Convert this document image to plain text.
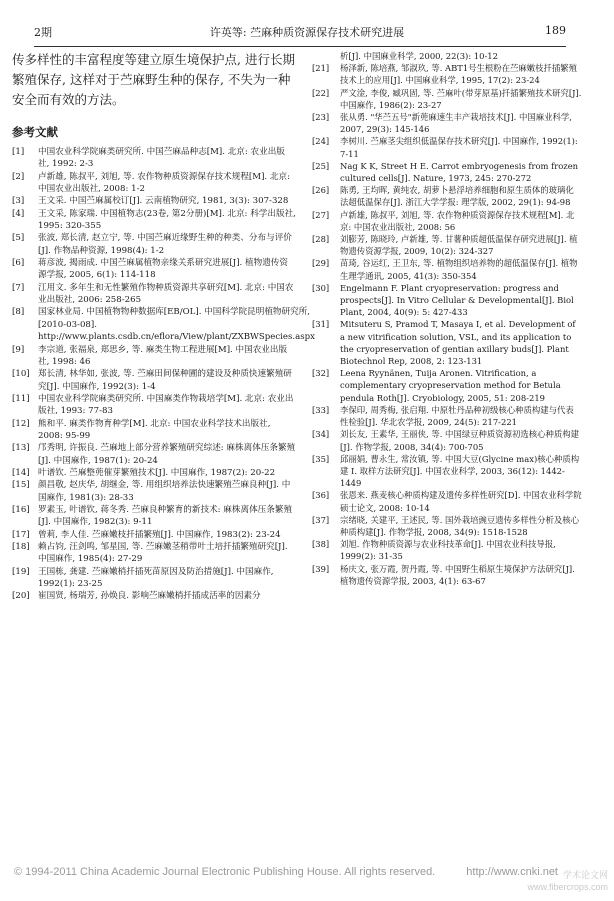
2期	许英等: 苎麻种质资源保存技术研究进展	189

传多样性的丰富程度等建立原生境保护点, 进行长期繁殖保存, 这样对于苎麻野生种的保存, 不失为一种安全而有效的方法。

参考文献
[1]	中国农业科学院麻类研究所. 中国苎麻品种志[M]. 北京: 农业出版社, 1992: 2-3
[2]	卢新雄, 陈叔平, 刘旭, 等. 农作物种质资源保存技术规程[M]. 北京: 中国农业出版社, 2008: 1-2
[3]	王文采. 中国苎麻属校订[J]. 云南植物研究, 1981, 3(3): 307-328
[4]	王文采, 陈家瑞. 中国植物志(23卷, 第2分册)[M]. 北京: 科学出版社, 1995: 320-355
[5]	张波, 郑长清, 赵立宁, 等. 中国苎麻近缘野生种的种类、分布与评价[J]. 作物品种资源, 1998(4): 1-2
[6]	蒋彦波, 揭雨成. 中国苎麻属植物亲缘关系研究进展[J]. 植物遗传资源学报, 2005, 6(1): 114-118
[7]	江用文. 多年生和无性繁殖作物种质资源共享研究[M]. 北京: 中国农业出版社, 2006: 258-265
[8]	国家林业局. 中国植物物种数据库[EB/OL]. 中国科学院昆明植物研究所, [2010-03-08]. http://www.plants.csdb.cn/eflora/View/plant/ZXBWSpecies.aspx
[9]	李宗道, 张福泉, 郑思乡, 等. 麻类生物工程进展[M]. 中国农业出版社, 1998: 46
[10] 郑长清, 林华如, 张波, 等. 苎麻田间保种圃的建设及种质快速繁殖研究[J]. 中国麻作, 1992(3): 1-4
[11] 中国农业科学院麻类研究所. 中国麻类作物栽培学[M]. 北京: 农业出版社, 1993: 77-83
[12] 熊和平. 麻类作物育种学[M]. 北京: 中国农业科学技术出版社, 2008: 95-99
[13] 邝秀明, 许振良. 苎麻地上部分营养繁殖研究综述: 麻株离体压条繁殖[J]. 中国麻作, 1987(1): 20-24
[14] 叶谱钦. 苎麻整蔸催芽繁殖技术[J]. 中国麻作, 1987(2): 20-22
[15] 颜昌敬, 赵庆华, 胡继金, 等. 用组织培养法快速繁殖苎麻良种[J]. 中国麻作, 1981(3): 28-33
[16] 罗素玉, 叶谱钦, 蒋冬秀. 苎麻良种繁育的新技术: 麻株离体压条繁殖[J]. 中国麻作, 1982(3): 9-11
[17] 曾莉, 李人佳. 苎麻嫩枝扦插繁殖[J]. 中国麻作, 1983(2): 23-24
[18] 赖占钧, 汪剑鸣, 邹星国, 等. 苎麻嫩茎稍带叶土培扦插繁殖研究[J]. 中国麻作, 1985(4): 27-29
[19] 王国栋, 龚建. 苎麻嫩梢扦插死苗原因及防治措施[J]. 中国麻作, 1992(1): 23-25
[20] 崔国贤, 杨瑞芳, 孙焕良. 影响苎麻嫩梢扦插成活率的因素分
析[J]. 中国麻业科学, 2000, 22(3): 10-12
[21]	杨泽新, 陈培燕, 邹淑玖, 等. ABT1号生根粉在苎麻嫩枝扦插繁殖技术上的应用[J]. 中国麻业科学, 1995, 17(2): 23-24
[22]	严文淦, 李俊, 臧巩固, 等. 苎麻叶(带芽原基)扦插繁殖技术研究[J]. 中国麻作, 1986(2): 23-27
[23]	张从勇. "华苎五号"新蔸麻速生丰产栽培技术[J]. 中国麻业科学, 2007, 29(3): 145-146
[24]	李树川. 苎麻茎尖组织低温保存技术研究[J]. 中国麻作, 1992(1): 7-11
[25]	Nag K K, Street H E. Carrot embryogenesis from frozen cultured cells[J]. Nature, 1973, 245: 270-272
[26]	陈勇, 王均晖, 黄纯农, 胡萝卜悬浮培养细胞和原生质体的玻璃化法超低温保存[J]. 浙江大学学报: 理学版, 2002, 29(1): 94-98
[27]	卢新雄, 陈叔平, 刘旭, 等. 农作物种质资源保存技术规程[M]. 北京: 中国农业出版社, 2008: 56
[28]	刘膨芳, 陈晓玲, 卢新雄, 等. 甘薯种质超低温保存研究进展[J]. 植物遗传资源学报, 2009, 10(2): 324-327
[29]	苗琦, 谷运红, 王卫东, 等. 植物组织培养物的超低温保存[J]. 植物生理学通讯, 2005, 41(3): 350-354
[30]	Engelmann F. Plant cryopreservation: progress and prospects[J]. In Vitro Cellular & Developmental[J]. Biol Plant, 2004, 40(9): 5: 427-433
[31]	Mitsuteru S, Pramod T, Masaya I, et al. Development of a new vitrification solution, VSL, and its application to the cryopreservation of gentian axillary buds[J]. Plant Biotechnol Rep, 2008, 2: 123-131
[32]	Leena Ryynänen, Tuija Aronen. Vitrification, a complementary cryopreservation method for Betula pendula Roth[J]. Cryobiology, 2005, 51: 208-219
[33]	李保印, 周秀梅, 张启翔. 中原牡丹品种初级核心种质构建与代表性检验[J]. 华北农学报, 2009, 24(5): 217-221
[34]	刘长友, 王素华, 王丽侠, 等. 中国绿豆种质资源初选核心种质构建[J]. 作物学报, 2008, 34(4): 700-705
[35]	邱丽娟, 曹永生, 常汝镇, 等. 中国大豆(Glycine max)核心种质构建 I. 取样方法研究[J]. 中国农业科学, 2003, 36(12): 1442-1449
[36]	张恩来. 燕麦核心种质构建及遗传多样性研究[D]. 中国农业科学院硕士论文, 2008: 10-14
[37]	宗绪晓, 关建平, 王述民, 等. 国外栽培豌豆遗传多样性分析及核心种质构建[J]. 作物学报, 2008, 34(9): 1518-1528
[38]	刘旭. 作物种质资源与农业科技革命[J]. 中国农业科技导报, 1999(2): 31-35
[39]	杨庆文, 张万霞, 贺丹霞, 等. 中国野生稻原生境保护方法研究[J]. 植物遗传资源学报, 2003, 4(1): 63-67
© 1994-2011 China Academic Journal Electronic Publishing House. All rights reserved.	http://www.cnki.net 学术论文网
www.fibercrops.com
